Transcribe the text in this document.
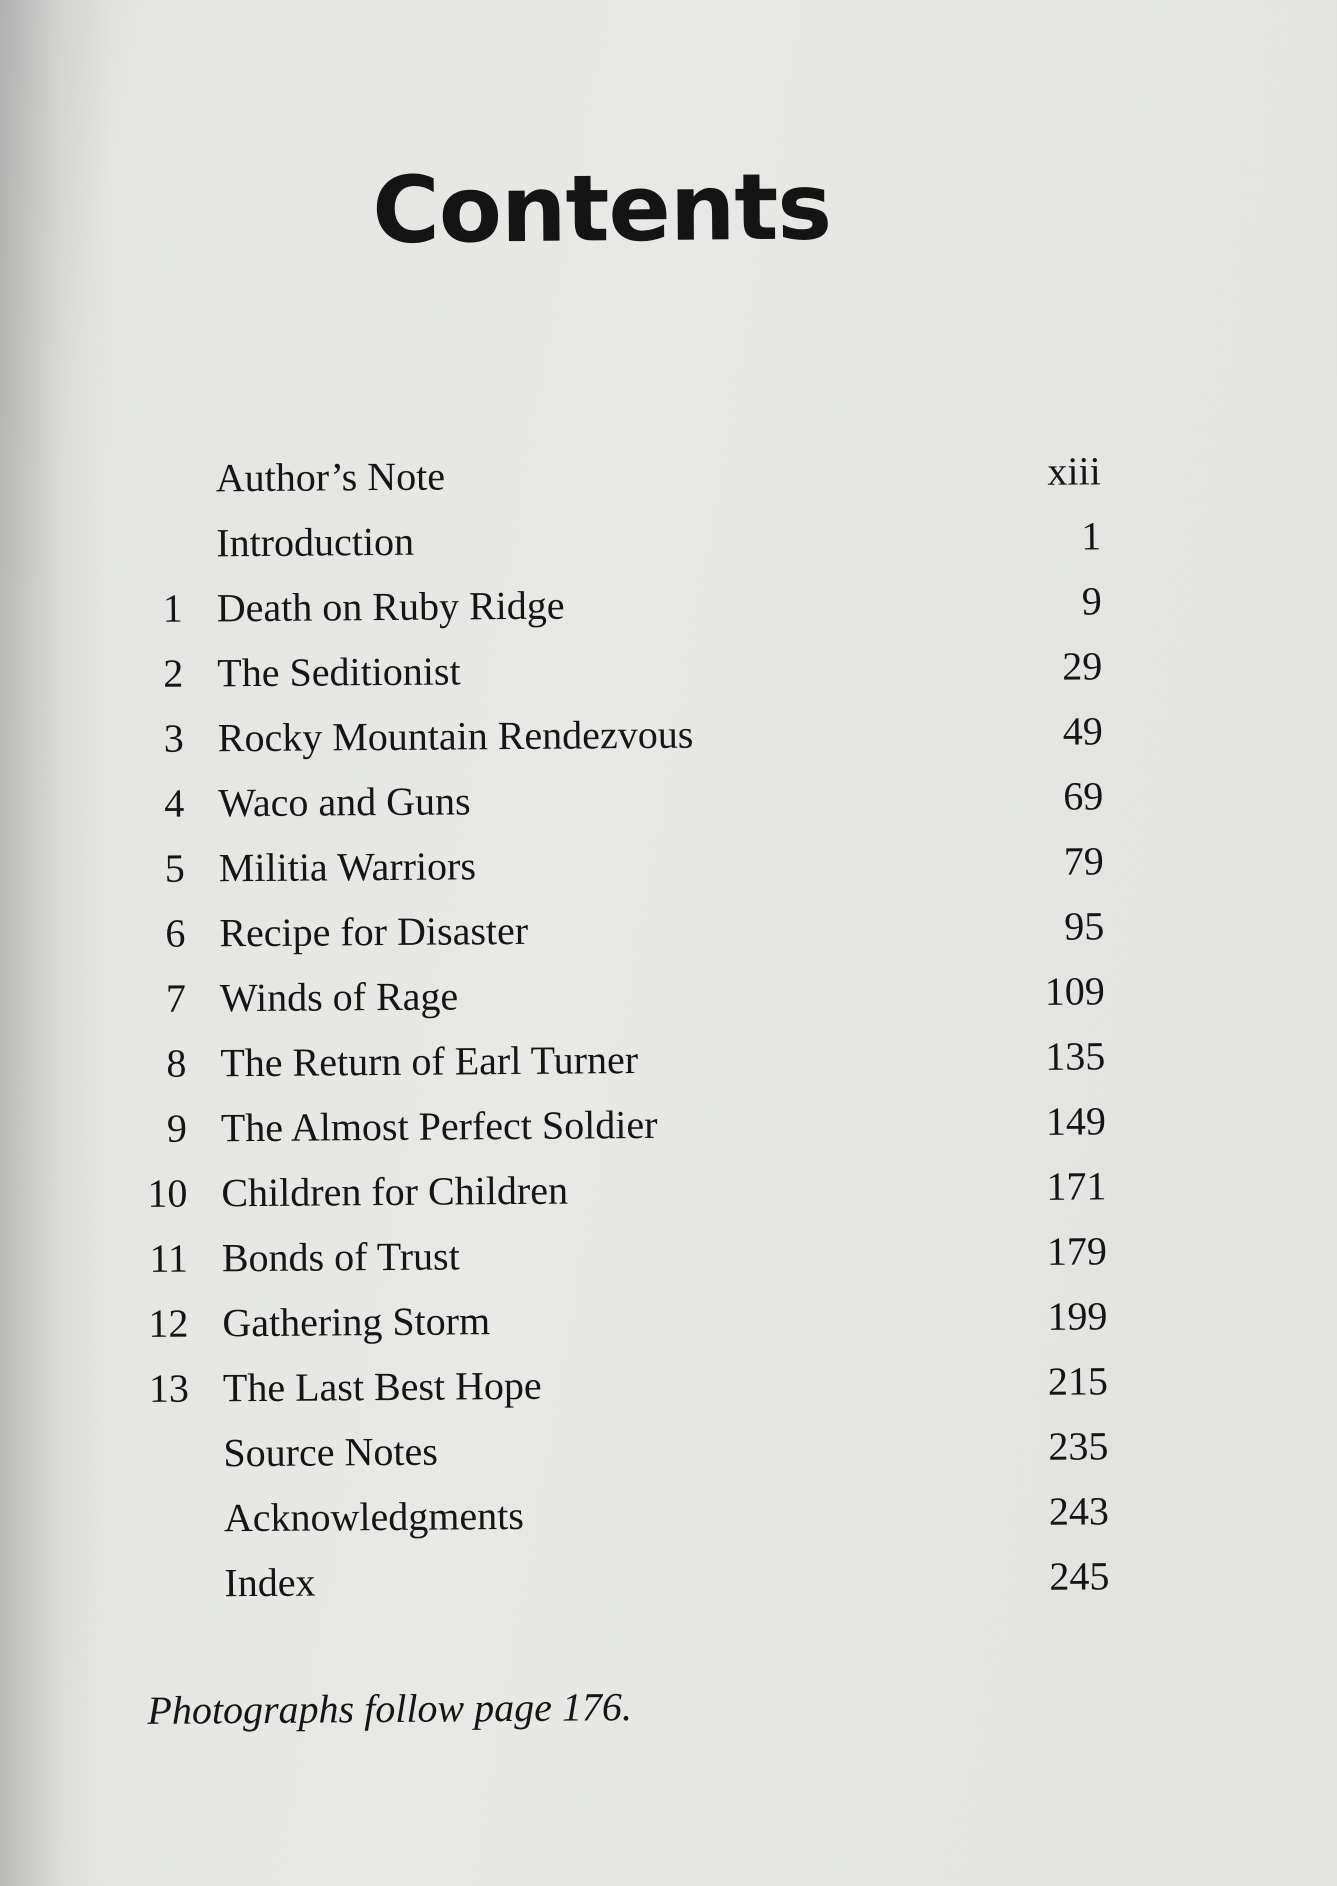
Contents
Author’s Note	xiii
Introduction	1
1 Death on Ruby Ridge	9
2 The Seditionist	29
3 Rocky Mountain Rendezvous	49
4 Waco and Guns	69
5 Militia Warriors	79
6 Recipe for Disaster	95
7 Winds of Rage	109
8 The Return of Earl Turner	135
9 The Almost Perfect Soldier	149
10 Children for Children	171
11 Bonds of Trust	179
12 Gathering Storm	199
13 The Last Best Hope	215
Source Notes	235
Acknowledgments	243
Index	245

Photographs follow page 176.
